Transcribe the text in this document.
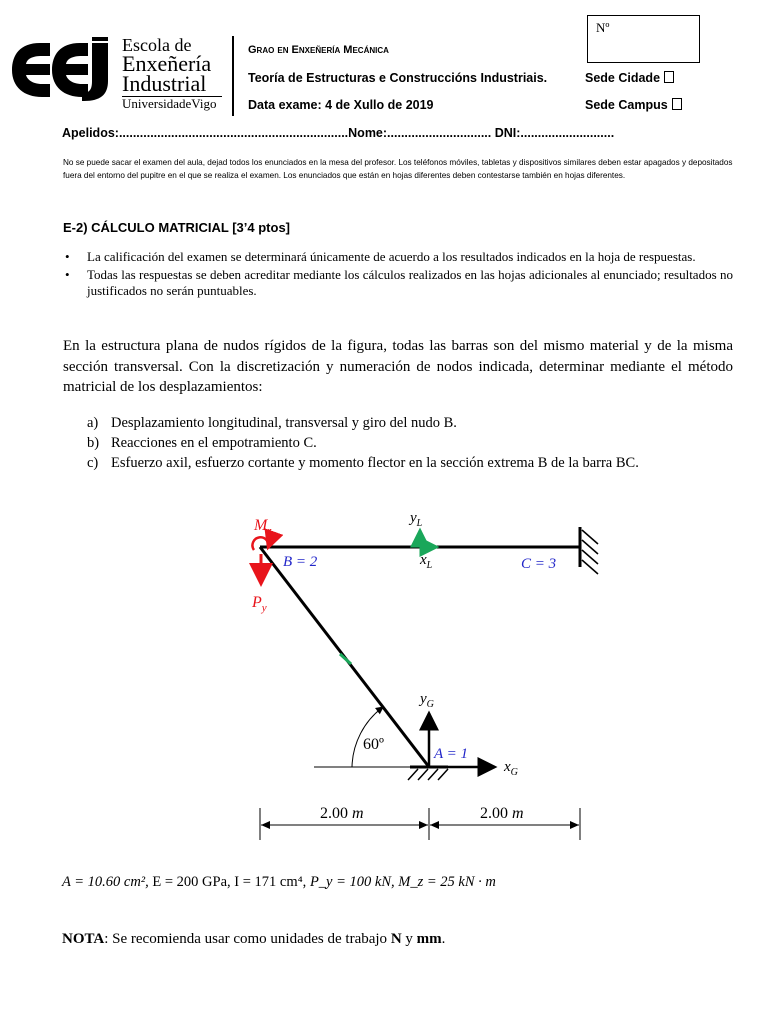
Escola de
Enxeñería
Industrial
UniversidadeVigo
Grao en Enxeñería Mecánica
Teoría de Estructuras e Construccións Industriais.
Data exame: 4 de Xullo de 2019
Sede Cidade
Sede Campus
Nº
Apelidos:..................................................................Nome:.............................. DNI:...........................
No se puede sacar el examen del aula, dejad todos los enunciados en la mesa del profesor. Los teléfonos móviles, tabletas y dispositivos similares deben estar apagados y depositados fuera del entorno del pupitre en el que se realiza el examen. Los enunciados que están en hojas diferentes deben contestarse también en hojas diferentes.
E-2) CÁLCULO MATRICIAL [3’4 ptos]
• La calificación del examen se determinará únicamente de acuerdo a los resultados indicados en la hoja de respuestas.
• Todas las respuestas se deben acreditar mediante los cálculos realizados en las hojas adicionales al enunciado; resultados no justificados no serán puntuables.
En la estructura plana de nudos rígidos de la figura, todas las barras son del mismo material y de la misma sección transversal. Con la discretización y numeración de nodos indicada, determinar mediante el método matricial de los desplazamientos:
a) Desplazamiento longitudinal, transversal y giro del nudo B.
b) Reacciones en el empotramiento C.
c) Esfuerzo axil, esfuerzo cortante y momento flector en la sección extrema B de la barra BC.
60º
$M_z$
$P_y$
B = 2	C = 3
A = 1
$y_L$
$x_L$
$y_G$
$x_G$
2.00 m	2.00 m
A = 10.60 cm², E = 200 GPa, I = 171 cm⁴, P_y = 100 kN, M_z = 25 kN · m
NOTA: Se recomienda usar como unidades de trabajo N y mm.
